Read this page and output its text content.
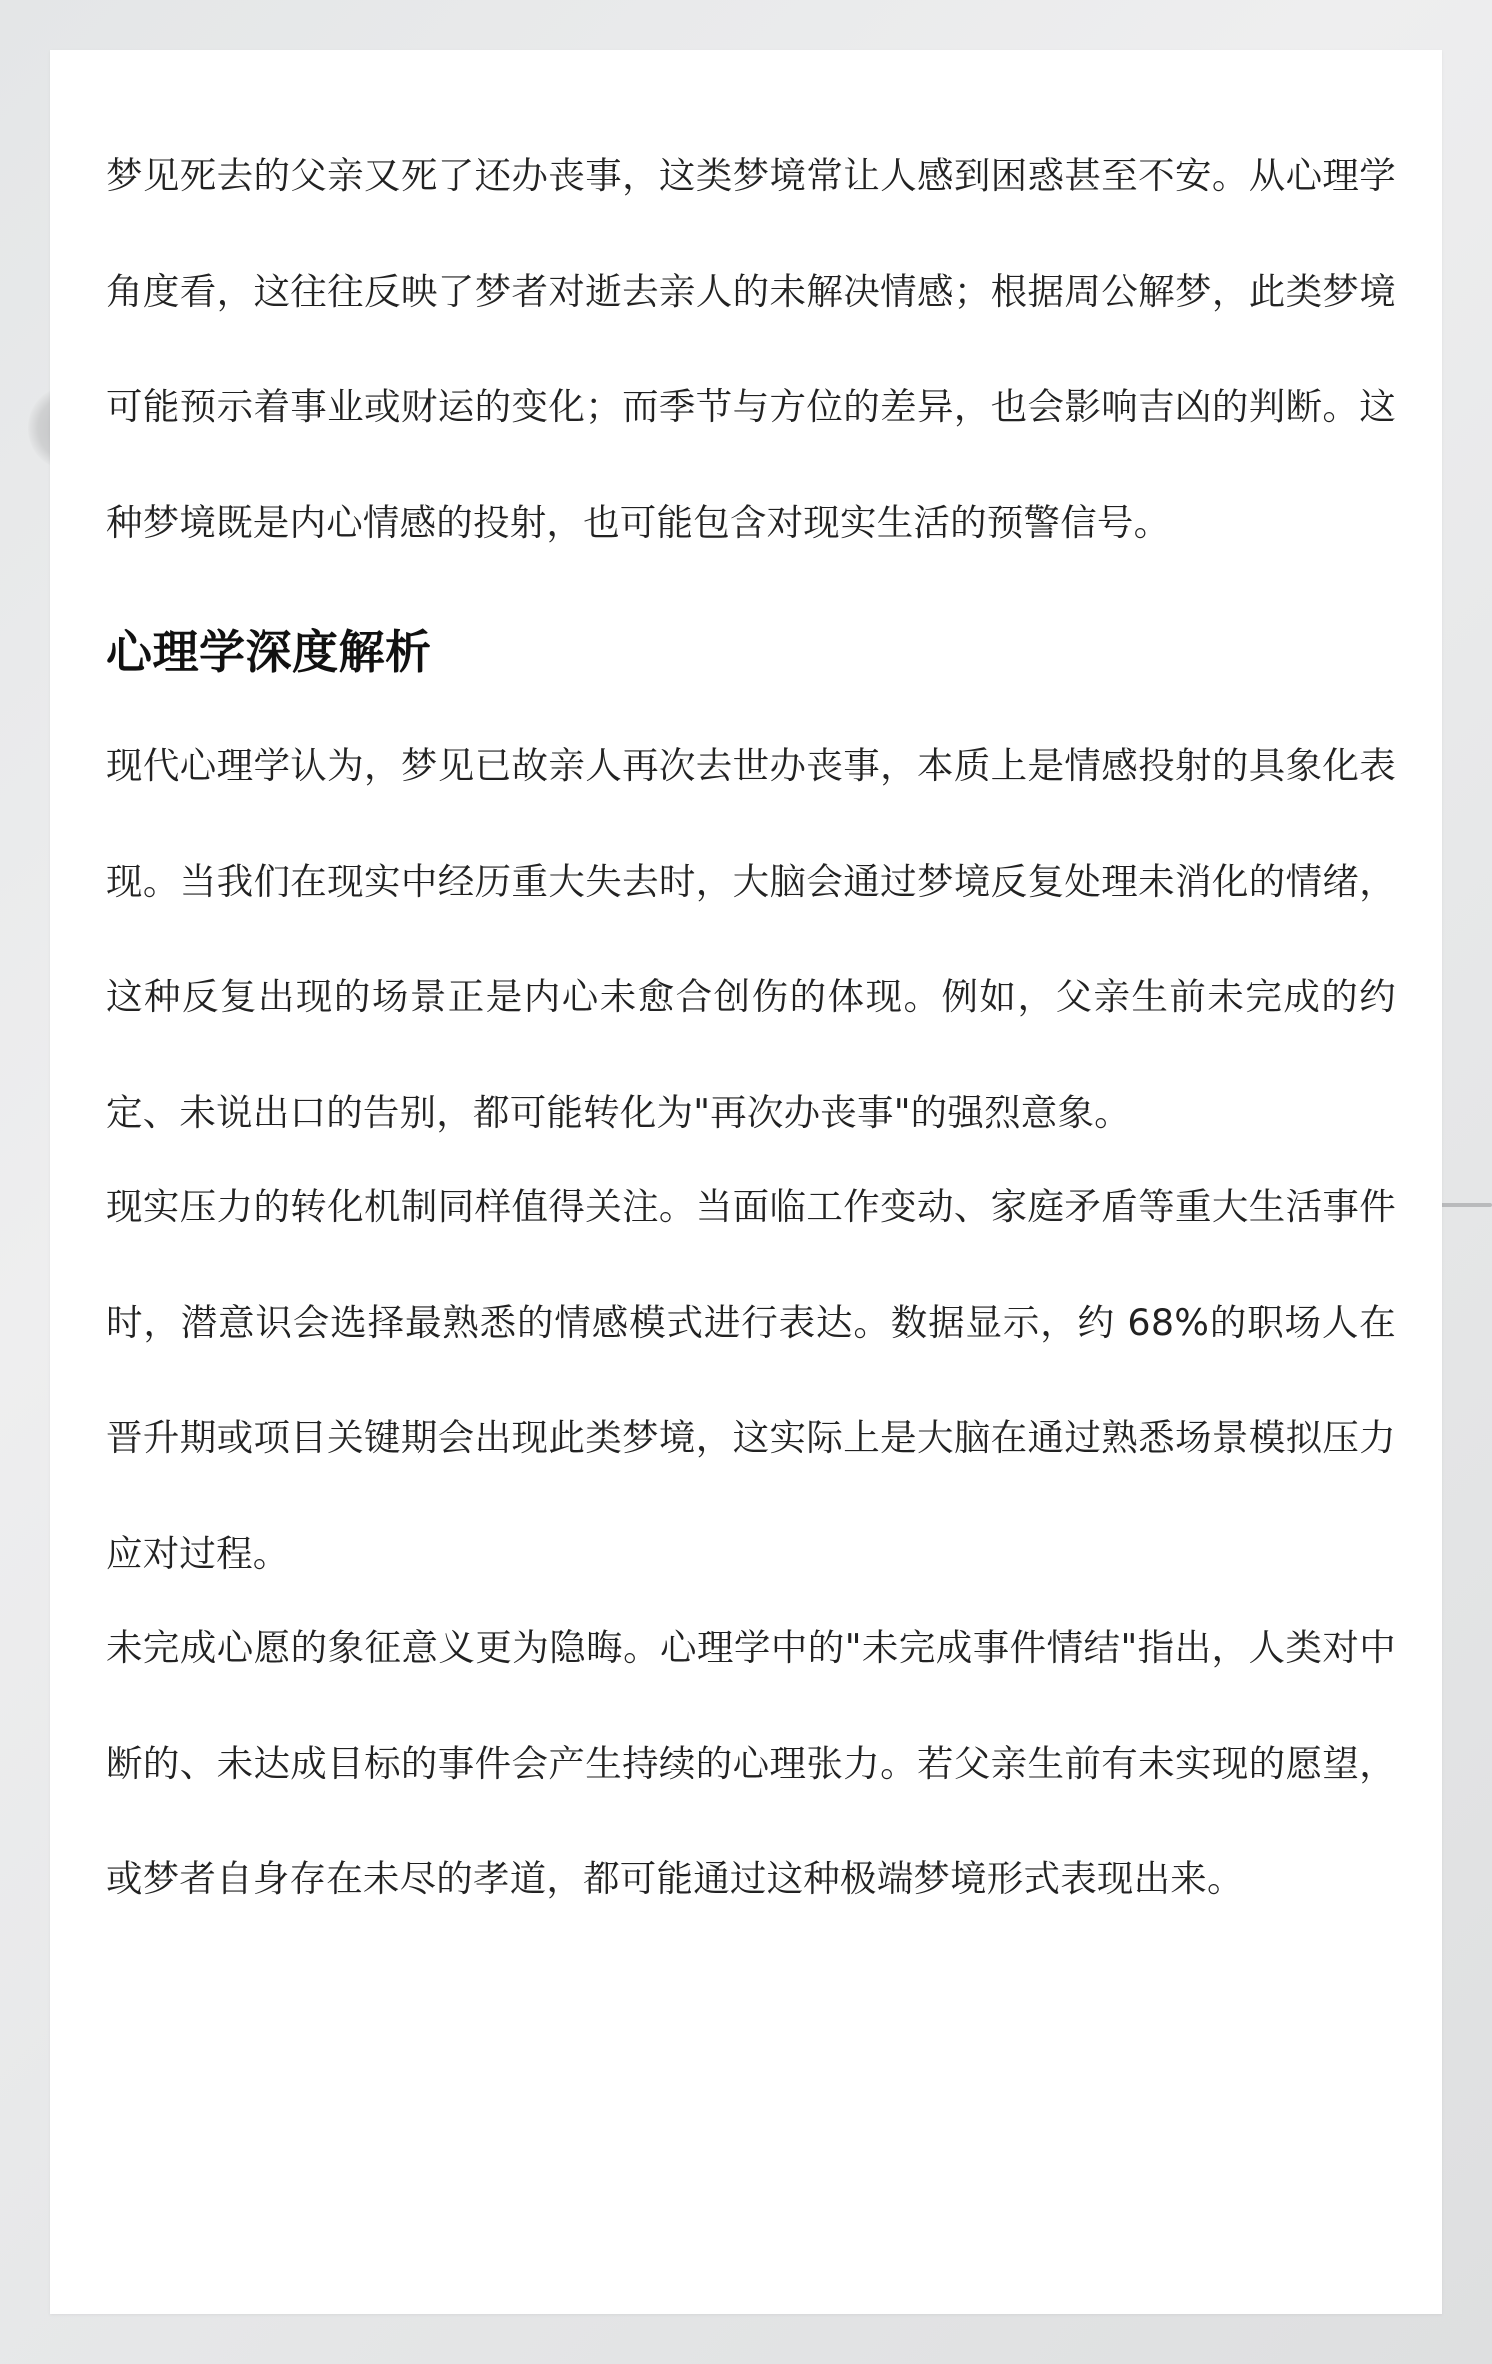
梦见死去的父亲又死了还办丧事，这类梦境常让人感到困惑甚至不安。从心理学角度看，这往往反映了梦者对逝去亲人的未解决情感；根据周公解梦，此类梦境可能预示着事业或财运的变化；而季节与方位的差异，也会影响吉凶的判断。这种梦境既是内心情感的投射，也可能包含对现实生活的预警信号。

心理学深度解析

现代心理学认为，梦见已故亲人再次去世办丧事，本质上是情感投射的具象化表现。当我们在现实中经历重大失去时，大脑会通过梦境反复处理未消化的情绪，这种反复出现的场景正是内心未愈合创伤的体现。例如，父亲生前未完成的约定、未说出口的告别，都可能转化为"再次办丧事"的强烈意象。

现实压力的转化机制同样值得关注。当面临工作变动、家庭矛盾等重大生活事件时，潜意识会选择最熟悉的情感模式进行表达。数据显示，约 68%的职场人在晋升期或项目关键期会出现此类梦境，这实际上是大脑在通过熟悉场景模拟压力应对过程。

未完成心愿的象征意义更为隐晦。心理学中的"未完成事件情结"指出，人类对中断的、未达成目标的事件会产生持续的心理张力。若父亲生前有未实现的愿望，或梦者自身存在未尽的孝道，都可能通过这种极端梦境形式表现出来。
